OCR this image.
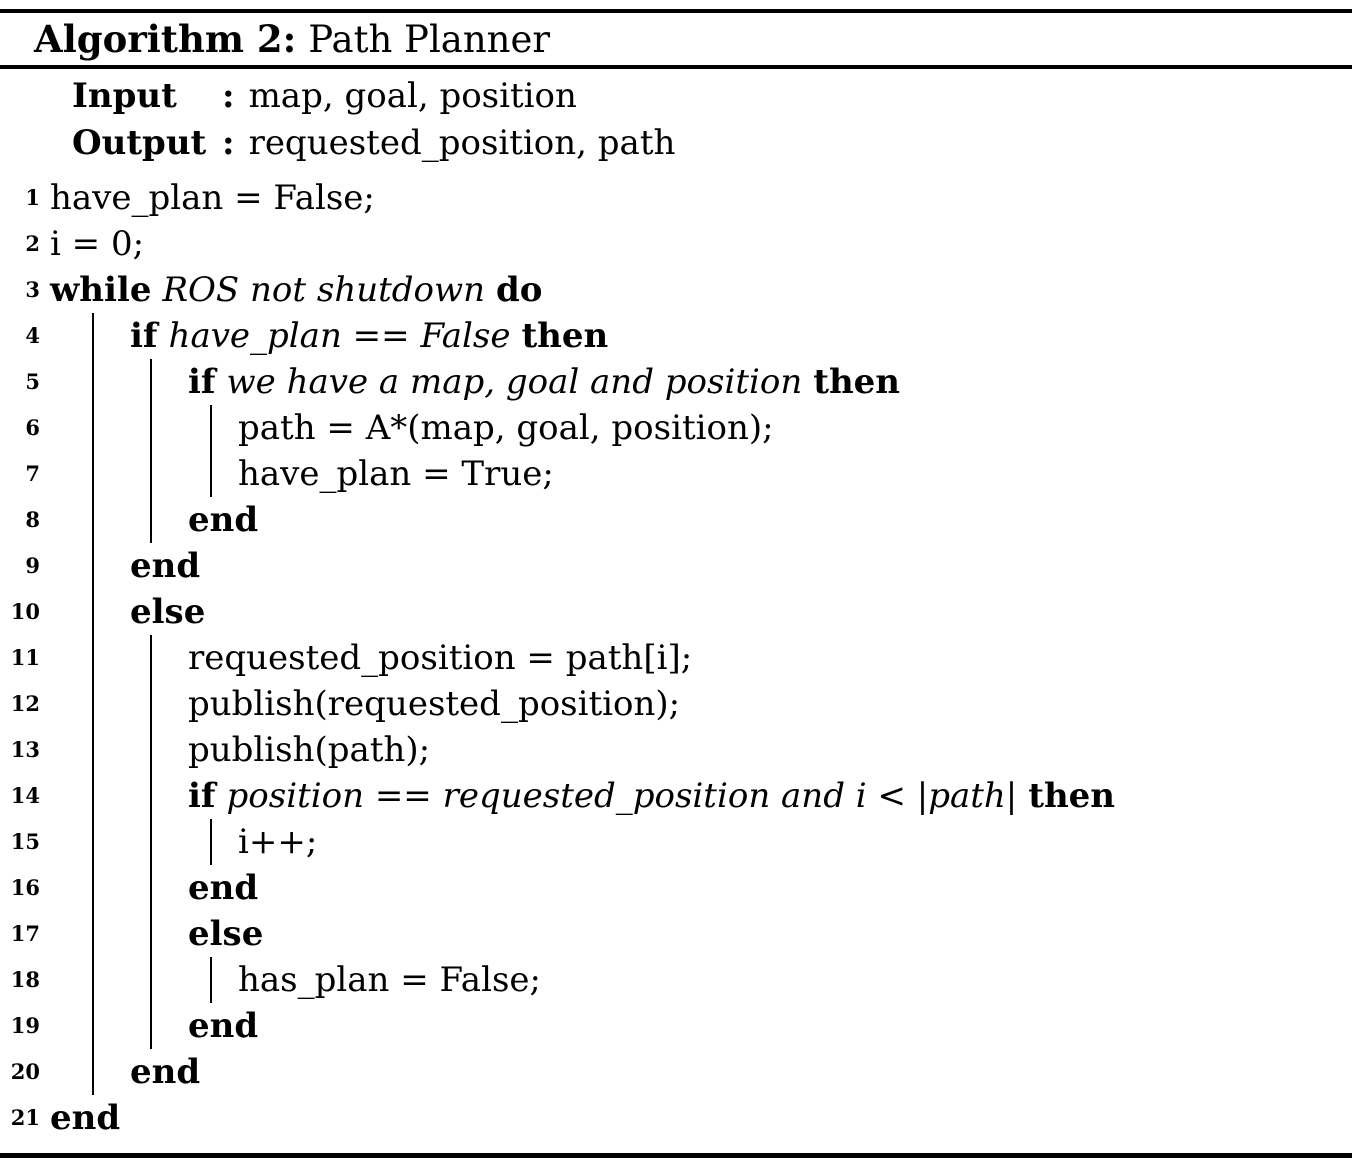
Algorithm 2: Path Planner
Input : map, goal, position
Output : requested_position, path
1 have_plan = False;
2 i = 0;
3 while ROS not shutdown do
4	if have_plan == False then
5	if we have a map, goal and position then
6	path = A*(map, goal, position);
7	have_plan = True;
8	end
9	end
10	else
11	requested_position = path[i];
12	publish(requested_position);
13	publish(path);
14	if position == requested_position and i < |path| then
15	i++;
16	end
17	else
18	has_plan = False;
19	end
20	end
21 end
